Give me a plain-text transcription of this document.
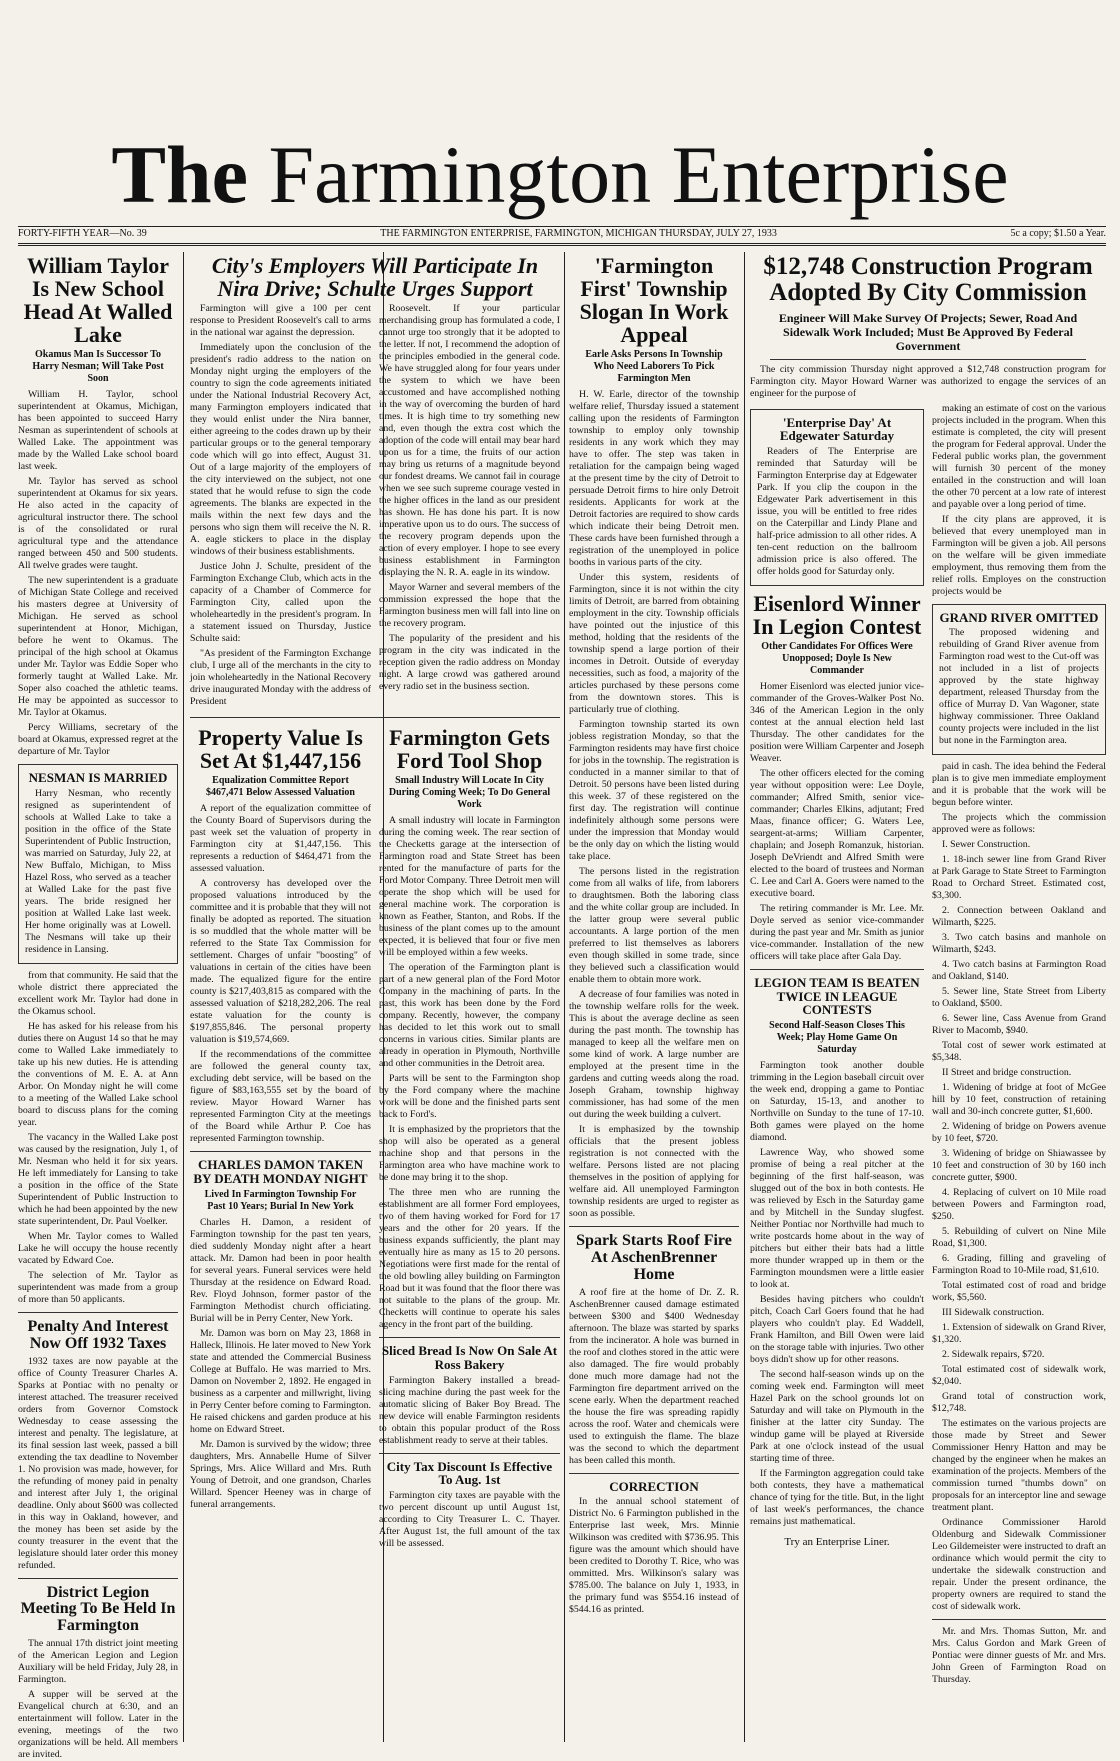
The Farmington Enterprise
FORTY-FIFTH YEAR—No. 39	THE FARMINGTON ENTERPRISE, FARMINGTON, MICHIGAN THURSDAY, JULY 27, 1933	5c a copy; $1.50 a Year.
William Taylor Is New School Head At Walled Lake
Okamus Man Is Successor To Harry Nesman; Will Take Post Soon

William H. Taylor, school superintendent at Okamus, Michigan, has been appointed to succeed Harry Nesman as superintendent of schools at Walled Lake. The appointment was made by the Walled Lake school board last week.

Mr. Taylor has served as school superintendent at Okamus for six years. He also acted in the capacity of agricultural instructor there. The school is of the consolidated or rural agricultural type and the attendance ranged between 450 and 500 students. All twelve grades were taught.

The new superintendent is a graduate of Michigan State College and received his masters degree at University of Michigan. He served as school superintendent at Honor, Michigan, before he went to Okamus. The principal of the high school at Okamus under Mr. Taylor was Eddie Soper who formerly taught at Walled Lake. Mr. Soper also coached the athletic teams. He may be appointed as successor to Mr. Taylor at Okamus.

Percy Williams, secretary of the board at Okamus, expressed regret at the departure of Mr. Taylor

NESMAN IS MARRIED

Harry Nesman, who recently resigned as superintendent of schools at Walled Lake to take a position in the office of the State Superintendent of Public Instruction, was married on Saturday, July 22, at New Buffalo, Michigan, to Miss Hazel Ross, who served as a teacher at Walled Lake for the past five years. The bride resigned her position at Walled Lake last week. Her home originally was at Lowell. The Nesmans will take up their residence in Lansing.

from that community. He said that the whole district there appreciated the excellent work Mr. Taylor had done in the Okamus school.

He has asked for his release from his duties there on August 14 so that he may come to Walled Lake immediately to take up his new duties. He is attending the conventions of M. E. A. at Ann Arbor. On Monday night he will come to a meeting of the Walled Lake school board to discuss plans for the coming year.

The vacancy in the Walled Lake post was caused by the resignation, July 1, of Mr. Nesman who held it for six years. He left immediately for Lansing to take a position in the office of the State Superintendent of Public Instruction to which he had been appointed by the new state superintendent, Dr. Paul Voelker.

When Mr. Taylor comes to Walled Lake he will occupy the house recently vacated by Edward Coe.

The selection of Mr. Taylor as superintendent was made from a group of more than 50 applicants.

Penalty And Interest Now Off 1932 Taxes

1932 taxes are now payable at the office of County Treasurer Charles A. Sparks at Pontiac with no penalty or interest attached. The treasurer received orders from Governor Comstock Wednesday to cease assessing the interest and penalty. The legislature, at its final session last week, passed a bill extending the tax deadline to November 1. No provision was made, however, for the refunding of money paid in penalty and interest after July 1, the original deadline. Only about $600 was collected in this way in Oakland, however, and the money has been set aside by the county treasurer in the event that the legislature should later order this money refunded.

District Legion Meeting To Be Held In Farmington

The annual 17th district joint meeting of the American Legion and Legion Auxiliary will be held Friday, July 28, in Farmington.

A supper will be served at the Evangelical church at 6:30, and an entertainment will follow. Later in the evening, meetings of the two organizations will be held. All members are invited.

City's Employers Will Participate In Nira Drive; Schulte Urges Support

Farmington will give a 100 per cent response to President Roosevelt's call to arms in the national war against the depression.

Immediately upon the conclusion of the president's radio address to the nation on Monday night urging the employers of the country to sign the code agreements initiated under the National Industrial Recovery Act, many Farmington employers indicated that they would enlist under the Nira banner, either agreeing to the codes drawn up by their particular groups or to the general temporary code which will go into effect, August 31. Out of a large majority of the employers of the city interviewed on the subject, not one stated that he would refuse to sign the code agreements. The blanks are expected in the mails within the next few days and the persons who sign them will receive the N. R. A. eagle stickers to place in the display windows of their business establishments.

Justice John J. Schulte, president of the Farmington Exchange Club, which acts in the capacity of a Chamber of Commerce for Farmington City, called upon the wholeheartedly in the president's program. In a statement issued on Thursday, Justice Schulte said:

"As president of the Farmington Exchange club, I urge all of the merchants in the city to join wholeheartedly in the National Recovery drive inaugurated Monday with the address of President

Roosevelt. If your particular merchandising group has formulated a code, I cannot urge too strongly that it be adopted to the letter. If not, I recommend the adoption of the principles embodied in the general code. We have struggled along for four years under the system to which we have been accustomed and have accomplished nothing in the way of overcoming the burden of hard times. It is high time to try something new and, even though the extra cost which the adoption of the code will entail may bear hard upon us for a time, the fruits of our action may bring us returns of a magnitude beyond our fondest dreams. We cannot fail in courage when we see such supreme courage vested in the higher offices in the land as our president has shown. He has done his part. It is now imperative upon us to do ours. The success of the recovery program depends upon the action of every employer. I hope to see every business establishment in Farmington displaying the N. R. A. eagle in its window.

Mayor Warner and several members of the commission expressed the hope that the Farmington business men will fall into line on the recovery program.

The popularity of the president and his program in the city was indicated in the reception given the radio address on Monday night. A large crowd was gathered around every radio set in the business section.

Property Value Is Set At $1,447,156
Equalization Committee Report $467,471 Below Assessed Valuation

A report of the equalization committee of the County Board of Supervisors during the past week set the valuation of property in Farmington city at $1,447,156. This represents a reduction of $464,471 from the assessed valuation.

A controversy has developed over the proposed valuations introduced by the committee and it is probable that they will not finally be adopted as reported. The situation is so muddled that the whole matter will be referred to the State Tax Commission for settlement. Charges of unfair "boosting" of valuations in certain of the cities have been made. The equalized figure for the entire county is $217,403,815 as compared with the assessed valuation of $218,282,206. The real estate valuation for the county is $197,855,846. The personal property valuation is $19,574,669.

If the recommendations of the committee are followed the general county tax, excluding debt service, will be based on the figure of $83,163,555 set by the board of review. Mayor Howard Warner has represented Farmington City at the meetings of the Board while Arthur P. Coe has represented Farmington township.

CHARLES DAMON TAKEN BY DEATH MONDAY NIGHT
Lived In Farmington Township For Past 10 Years; Burial In New York

Charles H. Damon, a resident of Farmington township for the past ten years, died suddenly Monday night after a heart attack. Mr. Damon had been in poor health for several years. Funeral services were held Thursday at the residence on Edward Road. Rev. Floyd Johnson, former pastor of the Farmington Methodist church officiating. Burial will be in Perry Center, New York.

Mr. Damon was born on May 23, 1868 in Halleck, Illinois. He later moved to New York state and attended the Commercial Business College at Buffalo. He was married to Mrs. Damon on November 2, 1892. He engaged in business as a carpenter and millwright, living in Perry Center before coming to Farmington. He raised chickens and garden produce at his home on Edward Street.

Mr. Damon is survived by the widow; three daughters, Mrs. Annabelle Hume of Silver Springs, Mrs. Alice Willard and Mrs. Ruth Young of Detroit, and one grandson, Charles Willard. Spencer Heeney was in charge of funeral arrangements.

Farmington Gets Ford Tool Shop
Small Industry Will Locate In City During Coming Week; To Do General Work

A small industry will locate in Farmington during the coming week. The rear section of the Checketts garage at the intersection of Farmington road and State Street has been rented for the manufacture of parts for the Ford Motor Company. Three Detroit men will operate the shop which will be used for general machine work. The corporation is known as Feather, Stanton, and Robs. If the business of the plant comes up to the amount expected, it is believed that four or five men will be employed within a few weeks.

The operation of the Farmington plant is part of a new general plan of the Ford Motor Company in the machining of parts. In the past, this work has been done by the Ford company. Recently, however, the company has decided to let this work out to small concerns in various cities. Similar plants are already in operation in Plymouth, Northville and other communities in the Detroit area.

Parts will be sent to the Farmington shop by the Ford company where the machine work will be done and the finished parts sent back to Ford's.

It is emphasized by the proprietors that the shop will also be operated as a general machine shop and that persons in the Farmington area who have machine work to be done may bring it to the shop.

The three men who are running the establishment are all former Ford employees, two of them having worked for Ford for 17 years and the other for 20 years. If the business expands sufficiently, the plant may eventually hire as many as 15 to 20 persons. Negotiations were first made for the rental of the old bowling alley building on Farmington Road but it was found that the floor there was not suitable to the plans of the group. Mr. Checketts will continue to operate his sales agency in the front part of the building.

Sliced Bread Is Now On Sale At Ross Bakery

Farmington Bakery installed a bread-slicing machine during the past week for the automatic slicing of Baker Boy Bread. The new device will enable Farmington residents to obtain this popular product of the Ross establishment ready to serve at their tables.

City Tax Discount Is Effective To Aug. 1st

Farmington city taxes are payable with the two percent discount up until August 1st, according to City Treasurer L. C. Thayer. After August 1st, the full amount of the tax will be assessed.

'Farmington First' Township Slogan In Work Appeal
Earle Asks Persons In Township Who Need Laborers To Pick Farmington Men

H. W. Earle, director of the township welfare relief, Thursday issued a statement calling upon the residents of Farmington township to employ only township residents in any work which they may have to offer. The step was taken in retaliation for the campaign being waged at the present time by the city of Detroit to persuade Detroit firms to hire only Detroit residents. Applicants for work at the Detroit factories are required to show cards which indicate their being Detroit men. These cards have been furnished through a registration of the unemployed in police booths in various parts of the city.

Under this system, residents of Farmington, since it is not within the city limits of Detroit, are barred from obtaining employment in the city. Township officials have pointed out the injustice of this method, holding that the residents of the township spend a large portion of their incomes in Detroit. Outside of everyday necessities, such as food, a majority of the articles purchased by these persons come from the downtown stores. This is particularly true of clothing.

Farmington township started its own jobless registration Monday, so that the Farmington residents may have first choice for jobs in the township. The registration is conducted in a manner similar to that of Detroit. 50 persons have been listed during this week. 37 of these registered on the first day. The registration will continue indefinitely although some persons were under the impression that Monday would be the only day on which the listing would take place.

The persons listed in the registration come from all walks of life, from laborers to draughtsmen. Both the laboring class and the white collar group are included. In the latter group were several public accountants. A large portion of the men preferred to list themselves as laborers even though skilled in some trade, since they believed such a classification would enable them to obtain more work.

A decrease of four families was noted in the township welfare rolls for the week. This is about the average decline as seen during the past month. The township has managed to keep all the welfare men on some kind of work. A large number are employed at the present time in the gardens and cutting weeds along the road. Joseph Graham, township highway commissioner, has had some of the men out during the week building a culvert.

It is emphasized by the township officials that the present jobless registration is not connected with the welfare. Persons listed are not placing themselves in the position of applying for welfare aid. All unemployed Farmington township residents are urged to register as soon as possible.

Spark Starts Roof Fire At AschenBrenner Home

A roof fire at the home of Dr. Z. R. AschenBrenner caused damage estimated between $300 and $400 Wednesday afternoon. The blaze was started by sparks from the incinerator. A hole was burned in the roof and clothes stored in the attic were also damaged. The fire would probably done much more damage had not the Farmington fire department arrived on the scene early. When the department reached the house the fire was spreading rapidly across the roof. Water and chemicals were used to extinguish the flame. The blaze was the second to which the department has been called this month.

CORRECTION

In the annual school statement of District No. 6 Farmington published in the Enterprise last week, Mrs. Minnie Wilkinson was credited with $736.95. This figure was the amount which should have been credited to Dorothy T. Rice, who was ommitted. Mrs. Wilkinson's salary was $785.00. The balance on July 1, 1933, in the primary fund was $554.16 instead of $544.16 as printed.

$12,748 Construction Program Adopted By City Commission
Engineer Will Make Survey Of Projects; Sewer, Road And Sidewalk Work Included; Must Be Approved By Federal Government

The city commission Thursday night approved a $12,748 construction program for Farmington city. Mayor Howard Warner was authorized to engage the services of an engineer for the purpose of

'Enterprise Day' At Edgewater Saturday

Readers of The Enterprise are reminded that Saturday will be Farmington Enterprise day at Edgewater Park. If you clip the coupon in the Edgewater Park advertisement in this issue, you will be entitled to free rides on the Caterpillar and Lindy Plane and half-price admission to all other rides. A ten-cent reduction on the ballroom admission price is also offered. The offer holds good for Saturday only.

Eisenlord Winner In Legion Contest
Other Candidates For Offices Were Unopposed; Doyle Is New Commander

Homer Eisenlord was elected junior vice-commander of the Groves-Walker Post No. 346 of the American Legion in the only contest at the annual election held last Thursday. The other candidates for the position were William Carpenter and Joseph Weaver.

The other officers elected for the coming year without opposition were: Lee Doyle, commander; Alfred Smith, senior vice-commander; Charles Elkins, adjutant; Fred Maas, finance officer; G. Waters Lee, seargent-at-arms; William Carpenter, chaplain; and Joseph Romanzuk, historian. Joseph DeVriendt and Alfred Smith were elected to the board of trustees and Norman C. Lee and Carl A. Goers were named to the executive board.

The retiring commander is Mr. Lee. Mr. Doyle served as senior vice-commander during the past year and Mr. Smith as junior vice-commander. Installation of the new officers will take place after Gala Day.

LEGION TEAM IS BEATEN TWICE IN LEAGUE CONTESTS
Second Half-Season Closes This Week; Play Home Game On Saturday

Farmington took another double trimming in the Legion baseball circuit over the week end, dropping a game to Pontiac on Saturday, 15-13, and another to Northville on Sunday to the tune of 17-10. Both games were played on the home diamond.

Lawrence Way, who showed some promise of being a real pitcher at the beginning of the first half-season, was slugged out of the box in both contests. He was relieved by Esch in the Saturday game and by Mitchell in the Sunday slugfest. Neither Pontiac nor Northville had much to write postcards home about in the way of pitchers but either their bats had a little more thunder wrapped up in them or the Farmington moundsmen were a little easier to look at.

Besides having pitchers who couldn't pitch, Coach Carl Goers found that he had players who couldn't play. Ed Waddell, Frank Hamilton, and Bill Owen were laid on the storage table with injuries. Two other boys didn't show up for other reasons.

The second half-season winds up on the coming week end. Farmington will meet Hazel Park on the school grounds lot on Saturday and will take on Plymouth in the finisher at the latter city Sunday. The windup game will be played at Riverside Park at one o'clock instead of the usual starting time of three.

If the Farmington aggregation could take both contests, they have a mathematical chance of tying for the title. But, in the light of last week's performances, the chance remains just mathematical.

Try an Enterprise Liner.

making an estimate of cost on the various projects included in the program. When this estimate is completed, the city will present the program for Federal approval. Under the Federal public works plan, the government will furnish 30 percent of the money entailed in the construction and will loan the other 70 percent at a low rate of interest and payable over a long period of time.

If the city plans are approved, it is believed that every unemployed man in Farmington will be given a job. All persons on the welfare will be given immediate employment, thus removing them from the relief rolls. Employes on the construction projects would be

GRAND RIVER OMITTED

The proposed widening and rebuilding of Grand River avenue from Farmington road west to the Cut-off was not included in a list of projects approved by the state highway department, released Thursday from the office of Murray D. Van Wagoner, state highway commissioner. Three Oakland county projects were included in the list but none in the Farmington area.

paid in cash. The idea behind the Federal plan is to give men immediate employment and it is probable that the work will be begun before winter.

The projects which the commission approved were as follows:

I. Sewer Construction.

1. 18-inch sewer line from Grand River at Park Garage to State Street to Farmington Road to Orchard Street. Estimated cost, $3,300.

2. Connection between Oakland and Wilmarth, $225.

3. Two catch basins and manhole on Wilmarth, $243.

4. Two catch basins at Farmington Road and Oakland, $140.

5. Sewer line, State Street from Liberty to Oakland, $500.

6. Sewer line, Cass Avenue from Grand River to Macomb, $940.

Total cost of sewer work estimated at $5,348.

II Street and bridge construction.

1. Widening of bridge at foot of McGee hill by 10 feet, construction of retaining wall and 30-inch concrete gutter, $1,600.

2. Widening of bridge on Powers avenue by 10 feet, $720.

3. Widening of bridge on Shiawassee by 10 feet and construction of 30 by 160 inch concrete gutter, $900.

4. Replacing of culvert on 10 Mile road between Powers and Farmington road, $250.

5. Rebuilding of culvert on Nine Mile Road, $1,300.

6. Grading, filling and graveling of Farmington Road to 10-Mile road, $1,610.

Total estimated cost of road and bridge work, $5,560.

III Sidewalk construction.

1. Extension of sidewalk on Grand River, $1,320.

2. Sidewalk repairs, $720.

Total estimated cost of sidewalk work, $2,040.

Grand total of construction work, $12,748.

The estimates on the various projects are those made by Street and Sewer Commissioner Henry Hatton and may be changed by the engineer when he makes an examination of the projects. Members of the commission turned "thumbs down" on proposals for an interceptor line and sewage treatment plant.

Ordinance Commissioner Harold Oldenburg and Sidewalk Commissioner Leo Gildemeister were instructed to draft an ordinance which would permit the city to undertake the sidewalk construction and repair. Under the present ordinance, the property owners are required to stand the cost of sidewalk work.

Mr. and Mrs. Thomas Sutton, Mr. and Mrs. Calus Gordon and Mark Green of Pontiac were dinner guests of Mr. and Mrs. John Green of Farmington Road on Thursday.
